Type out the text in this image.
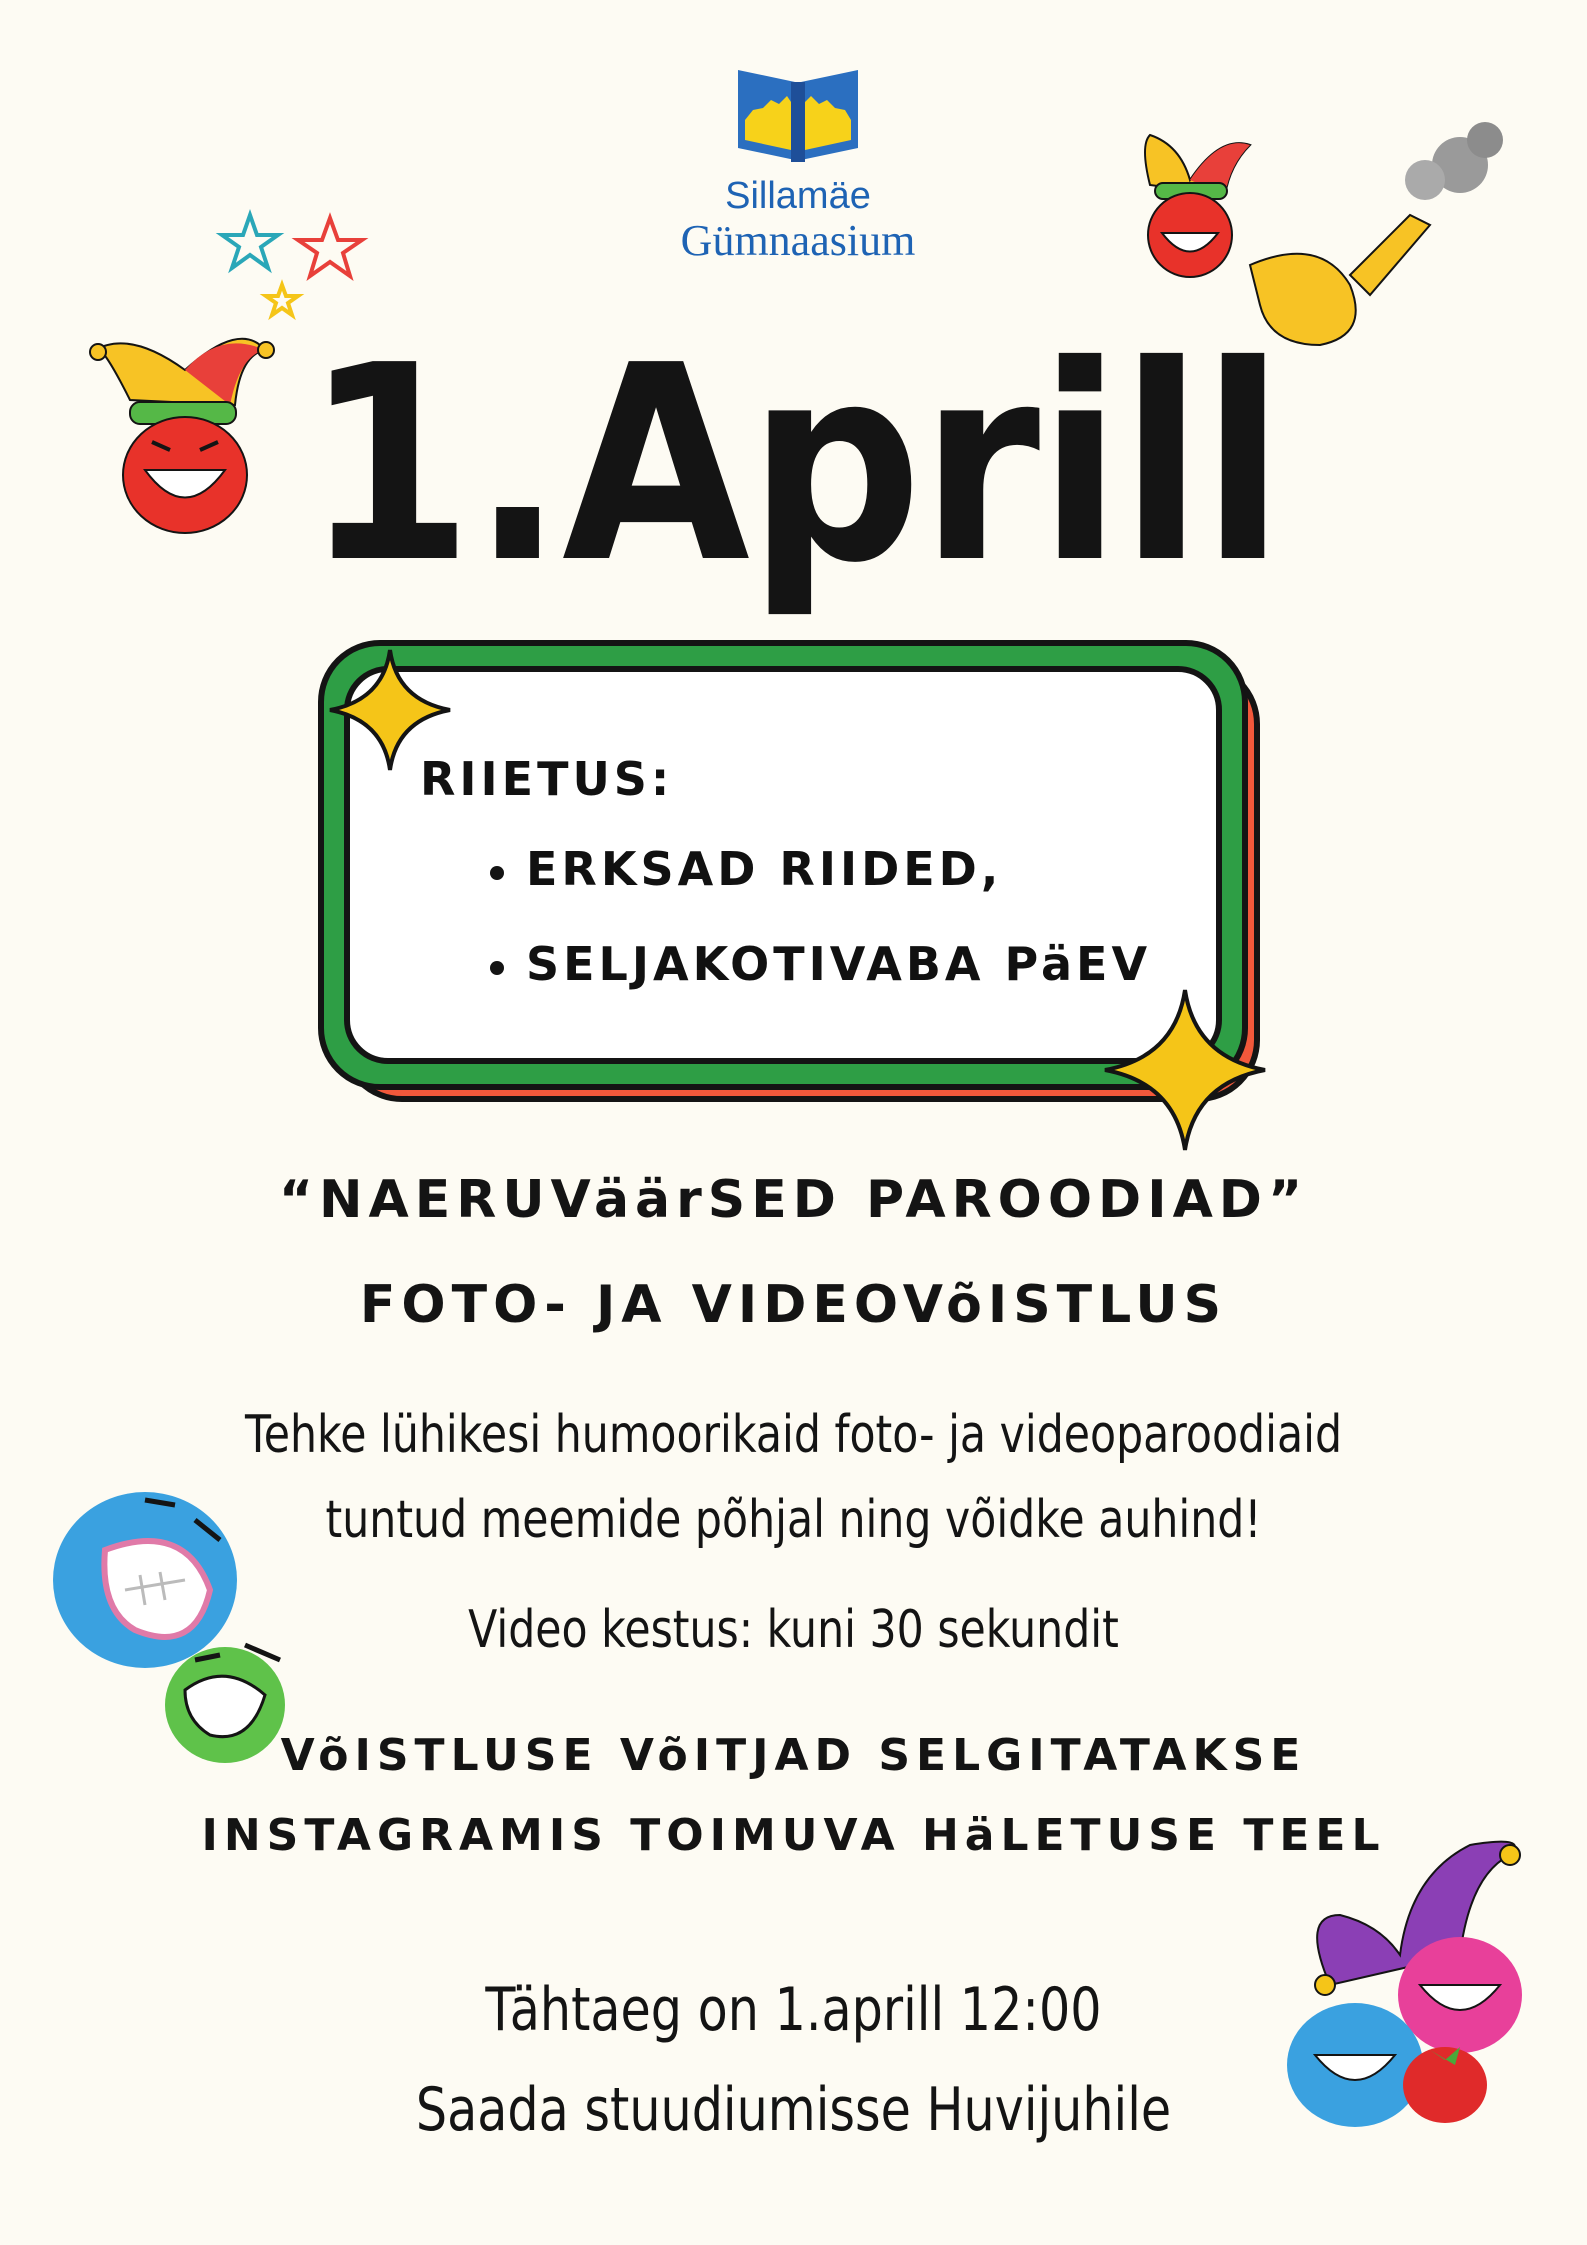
Sillamäe
Gümnaasium
1.Aprill
RIIETUS:
ERKSAD RIIDED,
SELJAKOTIVABA PäEV
“NAERUVäärSED PAROODIAD”
FOTO- JA VIDEOVõISTLUS
Tehke lühikesi humoorikaid foto- ja videoparoodiaid
tuntud meemide põhjal ning võidke auhind!
Video kestus: kuni 30 sekundit
VõISTLUSE VõITJAD SELGITATAKSE
INSTAGRAMIS TOIMUVA HäLETUSE TEEL
Tähtaeg on 1.aprill 12:00
Saada stuudiumisse Huvijuhile
